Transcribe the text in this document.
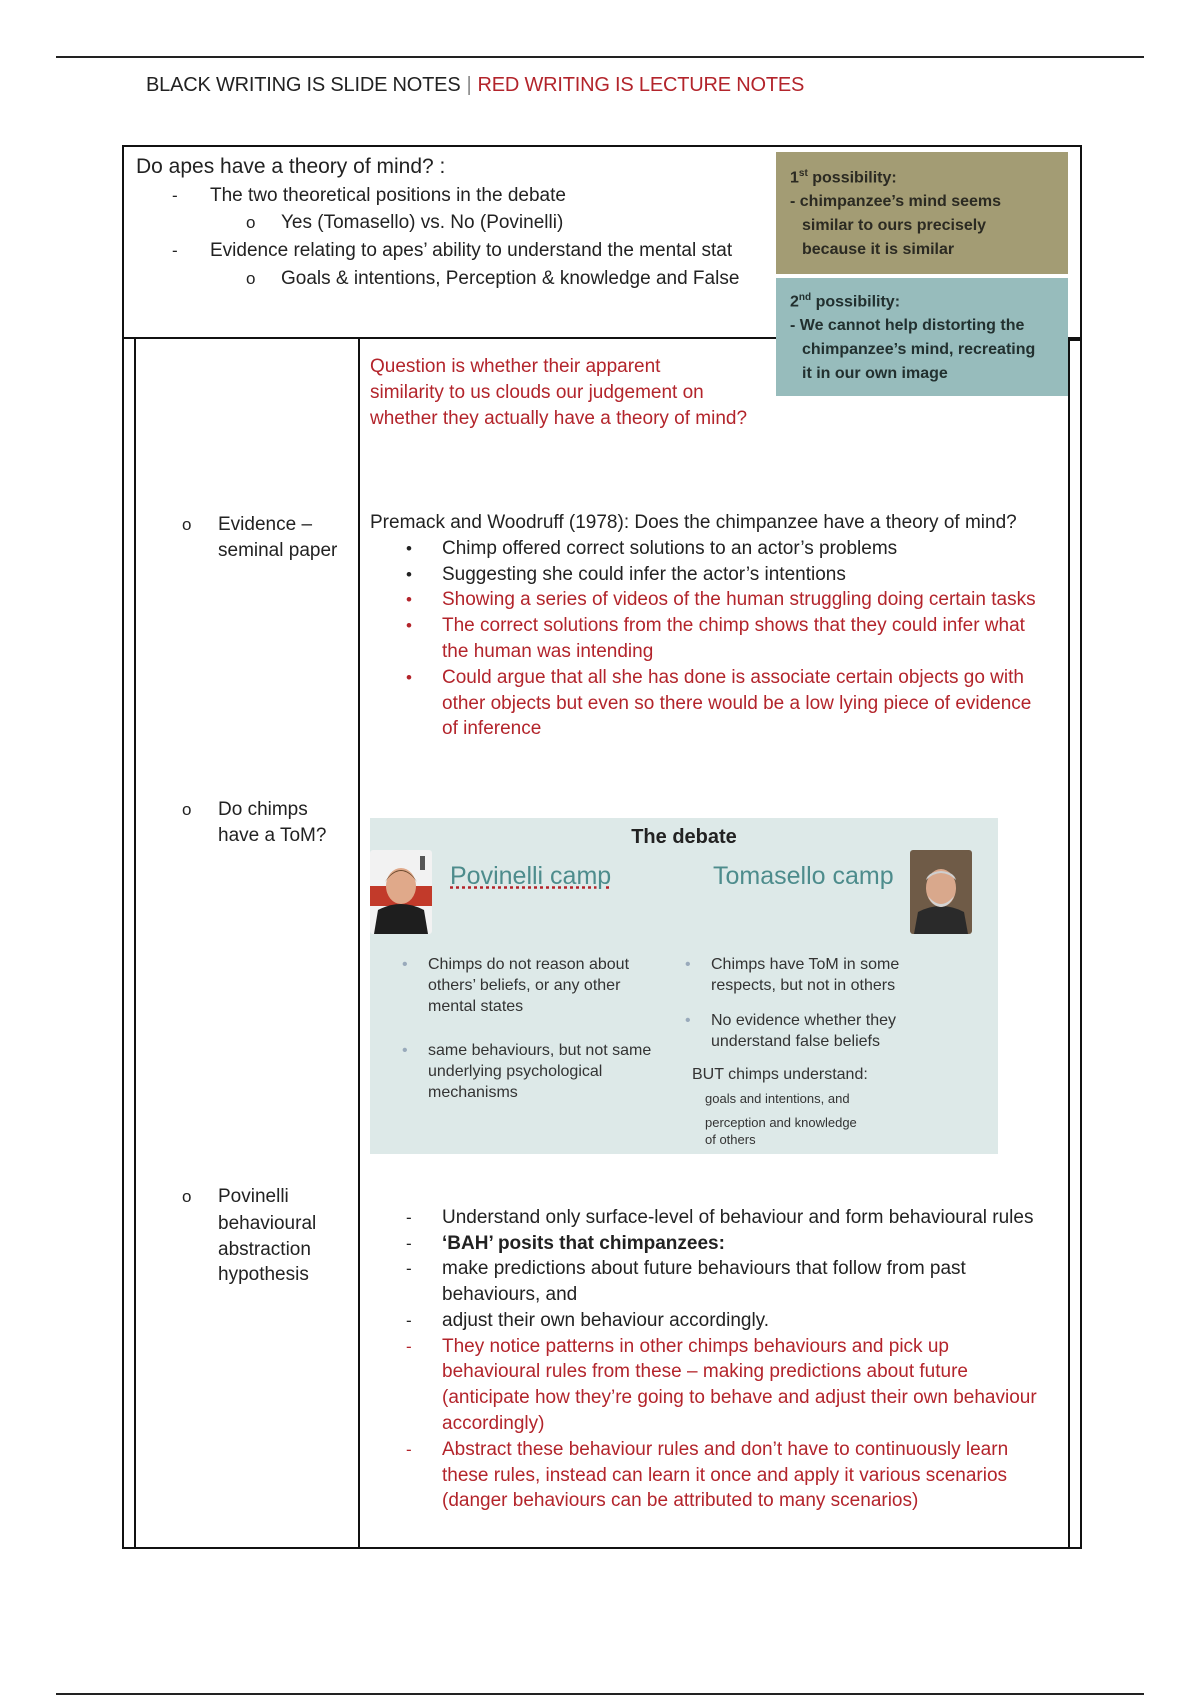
BLACK WRITING IS SLIDE NOTES | RED WRITING IS LECTURE NOTES
Do apes have a theory of mind? :
- The two theoretical positions in the debate
o Yes (Tomasello) vs. No (Povinelli)
- Evidence relating to apes’ ability to understand the mental stat
o Goals & intentions, Perception & knowledge and False
1st possibility:
- chimpanzee’s mind seems
similar to ours precisely
because it is similar
2nd possibility:
- We cannot help distorting the
chimpanzee’s mind, recreating
it in our own image
Question is whether their apparent
similarity to us clouds our judgement on
whether they actually have a theory of mind?
o Evidence –
seminal paper
Premack and Woodruff (1978): Does the chimpanzee have a theory of mind?
• Chimp offered correct solutions to an actor’s problems
• Suggesting she could infer the actor’s intentions
• Showing a series of videos of the human struggling doing certain tasks
• The correct solutions from the chimp shows that they could infer what
the human was intending
• Could argue that all she has done is associate certain objects go with
other objects but even so there would be a low lying piece of evidence
of inference
o Do chimps
have a ToM?	The debate
Povinelli camp	Tomasello camp
• Chimps do not reason about
others’ beliefs, or any other
mental states
• same behaviours, but not same
underlying psychological
mechanisms
• Chimps have ToM in some
respects, but not in others
• No evidence whether they
understand false beliefs
BUT chimps understand:
goals and intentions, and
perception and knowledge
of others
o Povinelli
behavioural
abstraction
hypothesis
- Understand only surface-level of behaviour and form behavioural rules
- ‘BAH’ posits that chimpanzees:
- make predictions about future behaviours that follow from past
behaviours, and
- adjust their own behaviour accordingly.
- They notice patterns in other chimps behaviours and pick up
behavioural rules from these – making predictions about future
(anticipate how they’re going to behave and adjust their own behaviour
accordingly)
- Abstract these behaviour rules and don’t have to continuously learn
these rules, instead can learn it once and apply it various scenarios
(danger behaviours can be attributed to many scenarios)
